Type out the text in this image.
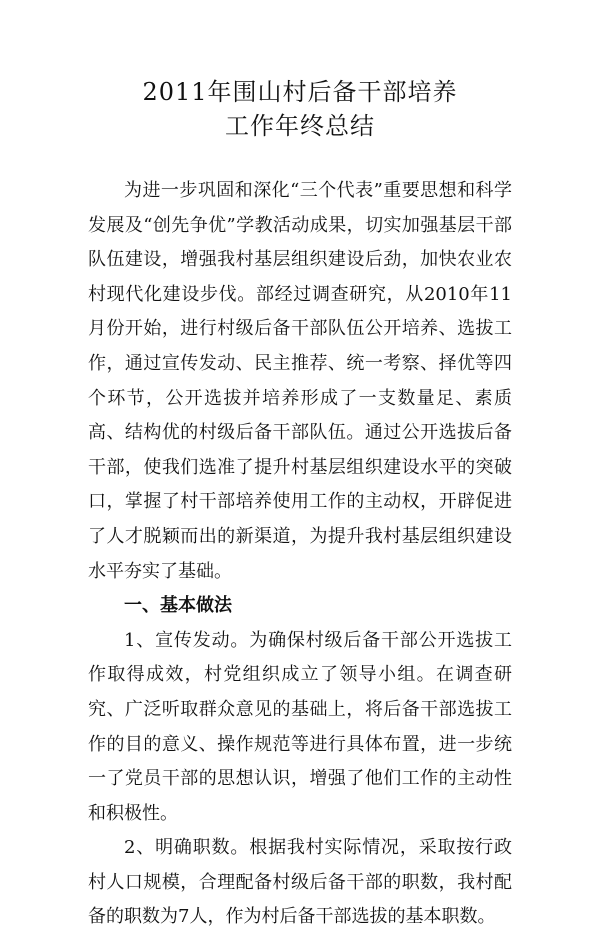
2011年围山村后备干部培养
工作年终总结

为进一步巩固和深化“三个代表”重要思想和科学发展及“创先争优”学教活动成果，切实加强基层干部队伍建设，增强我村基层组织建设后劲，加快农业农村现代化建设步伐。部经过调查研究，从2010年11月份开始，进行村级后备干部队伍公开培养、选拔工作，通过宣传发动、民主推荐、统一考察、择优等四个环节，公开选拔并培养形成了一支数量足、素质高、结构优的村级后备干部队伍。通过公开选拔后备干部，使我们选准了提升村基层组织建设水平的突破口，掌握了村干部培养使用工作的主动权，开辟促进了人才脱颖而出的新渠道，为提升我村基层组织建设水平夯实了基础。

一、基本做法

1、宣传发动。为确保村级后备干部公开选拔工作取得成效，村党组织成立了领导小组。在调查研究、广泛听取群众意见的基础上，将后备干部选拔工作的目的意义、操作规范等进行具体布置，进一步统一了党员干部的思想认识，增强了他们工作的主动性和积极性。

2、明确职数。根据我村实际情况，采取按行政村人口规模，合理配备村级后备干部的职数，我村配备的职数为7人，作为村后备干部选拔的基本职数。
